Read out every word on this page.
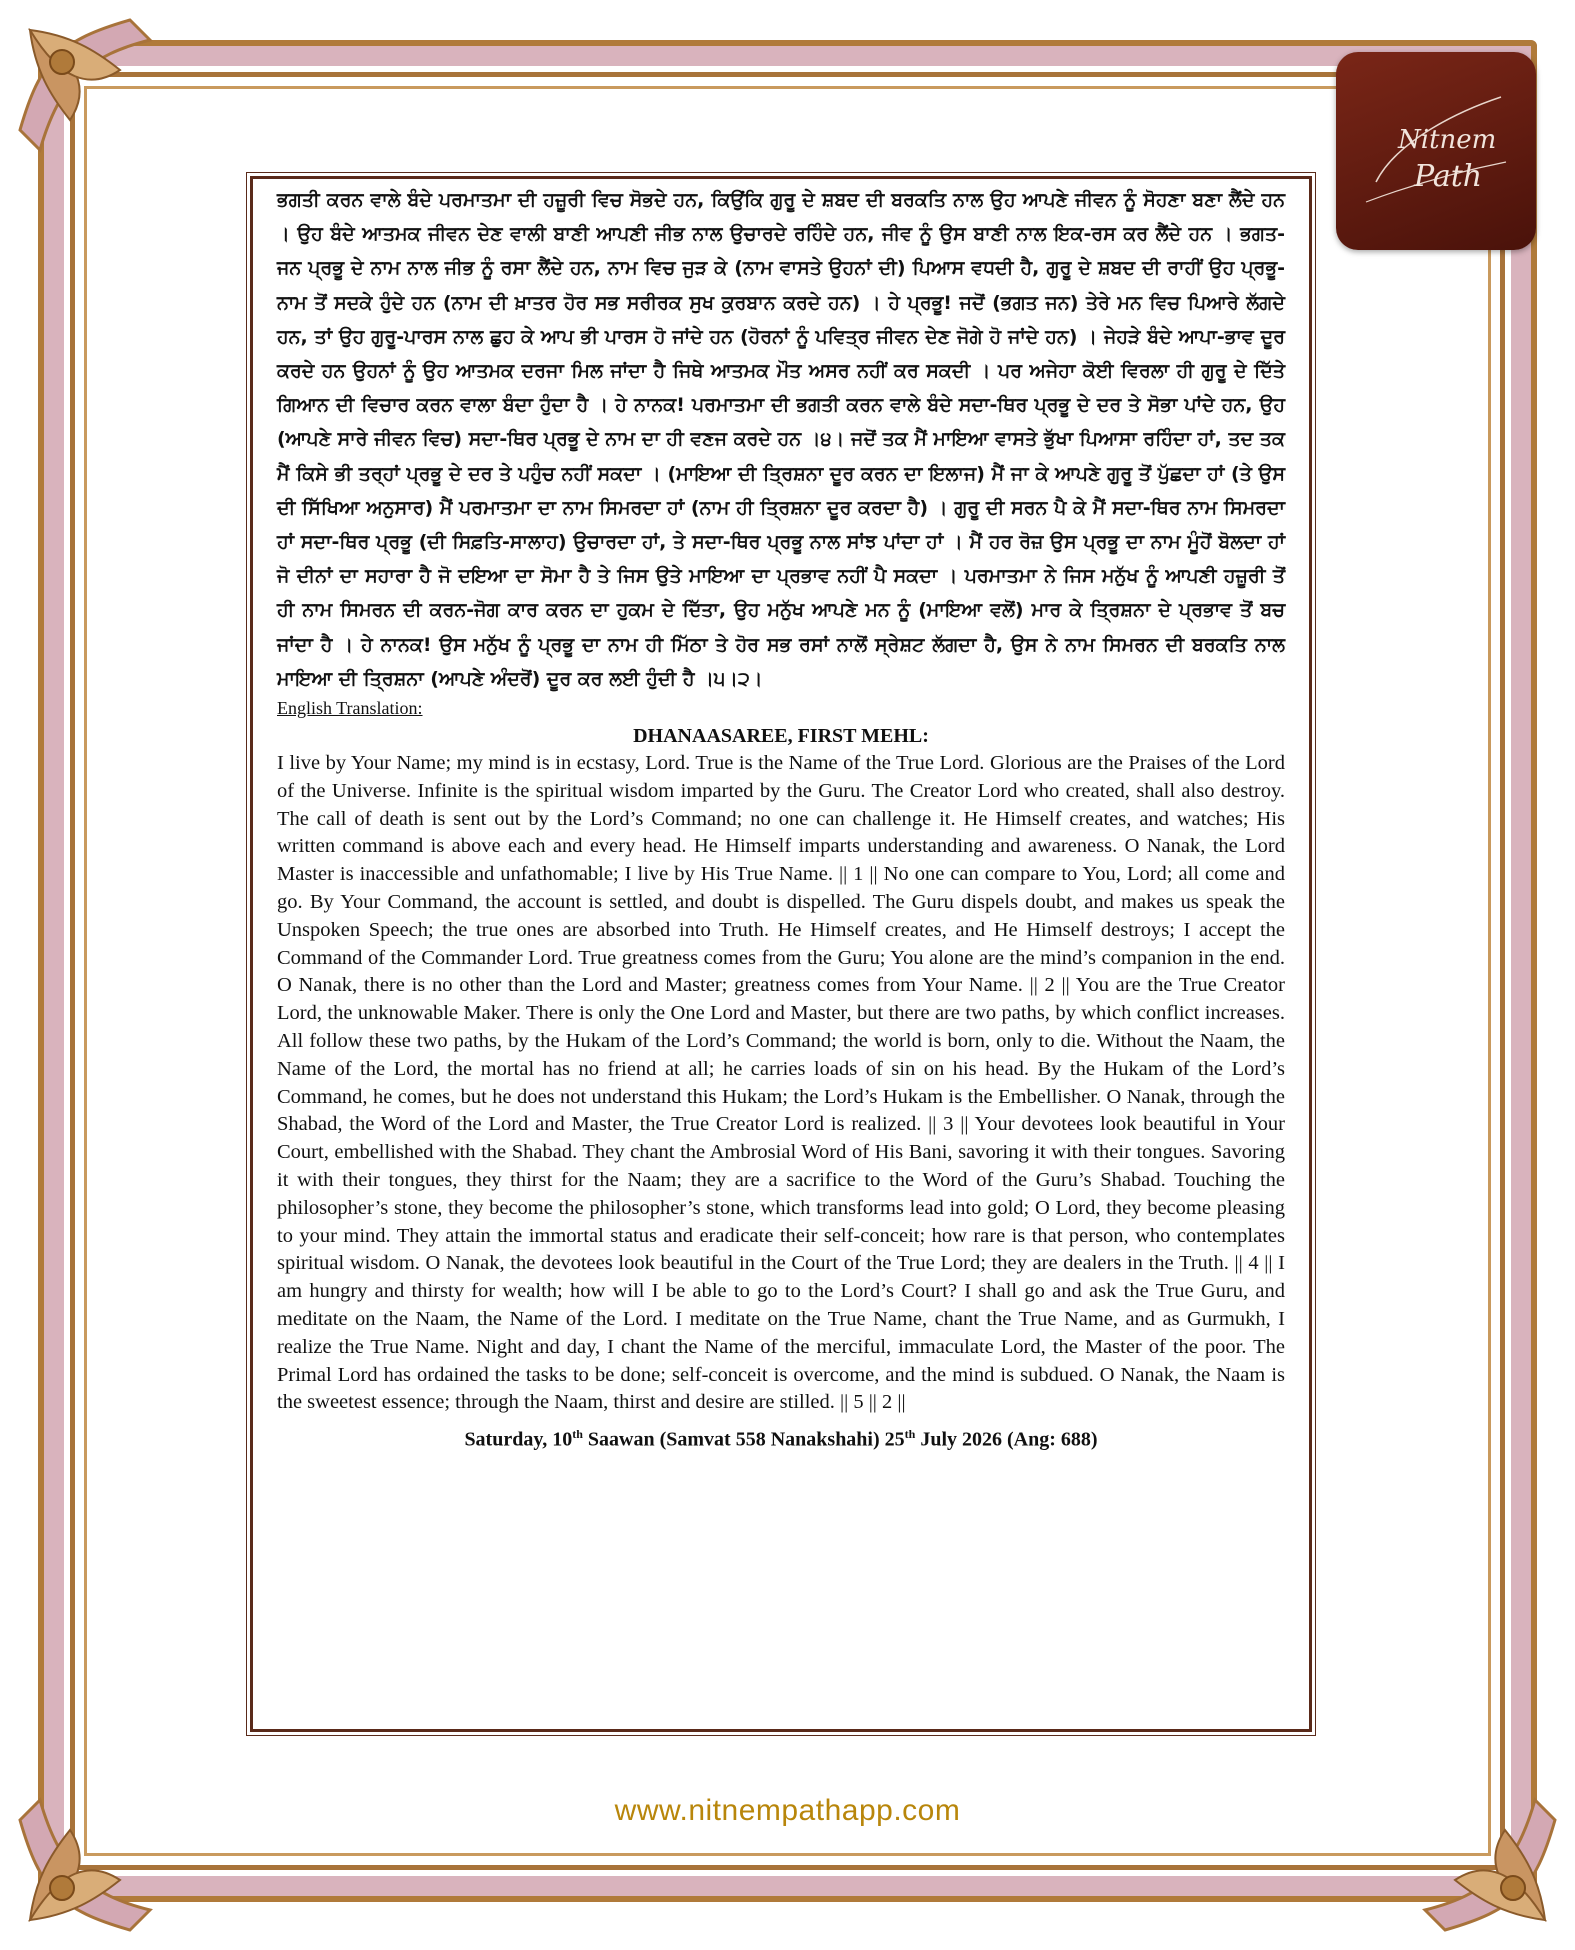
Nitnem
Path

ਭਗਤੀ ਕਰਨ ਵਾਲੇ ਬੰਦੇ ਪਰਮਾਤਮਾ ਦੀ ਹਜ਼ੂਰੀ ਵਿਚ ਸੋਭਦੇ ਹਨ, ਕਿਉਂਕਿ ਗੁਰੂ ਦੇ ਸ਼ਬਦ ਦੀ ਬਰਕਤਿ ਨਾਲ ਉਹ ਆਪਣੇ ਜੀਵਨ ਨੂੰ ਸੋਹਣਾ ਬਣਾ ਲੈਂਦੇ ਹਨ । ਉਹ ਬੰਦੇ ਆਤਮਕ ਜੀਵਨ ਦੇਣ ਵਾਲੀ ਬਾਣੀ ਆਪਣੀ ਜੀਭ ਨਾਲ ਉਚਾਰਦੇ ਰਹਿੰਦੇ ਹਨ, ਜੀਵ ਨੂੰ ਉਸ ਬਾਣੀ ਨਾਲ ਇਕ-ਰਸ ਕਰ ਲੈਂਦੇ ਹਨ । ਭਗਤ-ਜਨ ਪ੍ਰਭੂ ਦੇ ਨਾਮ ਨਾਲ ਜੀਭ ਨੂੰ ਰਸਾ ਲੈਂਦੇ ਹਨ, ਨਾਮ ਵਿਚ ਜੁੜ ਕੇ (ਨਾਮ ਵਾਸਤੇ ਉਹਨਾਂ ਦੀ) ਪਿਆਸ ਵਧਦੀ ਹੈ, ਗੁਰੂ ਦੇ ਸ਼ਬਦ ਦੀ ਰਾਹੀਂ ਉਹ ਪ੍ਰਭੂ-ਨਾਮ ਤੋਂ ਸਦਕੇ ਹੁੰਦੇ ਹਨ (ਨਾਮ ਦੀ ਖ਼ਾਤਰ ਹੋਰ ਸਭ ਸਰੀਰਕ ਸੁਖ ਕੁਰਬਾਨ ਕਰਦੇ ਹਨ) । ਹੇ ਪ੍ਰਭੂ! ਜਦੋਂ (ਭਗਤ ਜਨ) ਤੇਰੇ ਮਨ ਵਿਚ ਪਿਆਰੇ ਲੱਗਦੇ ਹਨ, ਤਾਂ ਉਹ ਗੁਰੂ-ਪਾਰਸ ਨਾਲ ਛੁਹ ਕੇ ਆਪ ਭੀ ਪਾਰਸ ਹੋ ਜਾਂਦੇ ਹਨ (ਹੋਰਨਾਂ ਨੂੰ ਪਵਿਤ੍ਰ ਜੀਵਨ ਦੇਣ ਜੋਗੇ ਹੋ ਜਾਂਦੇ ਹਨ) । ਜੇਹੜੇ ਬੰਦੇ ਆਪਾ-ਭਾਵ ਦੂਰ ਕਰਦੇ ਹਨ ਉਹਨਾਂ ਨੂੰ ਉਹ ਆਤਮਕ ਦਰਜਾ ਮਿਲ ਜਾਂਦਾ ਹੈ ਜਿਥੇ ਆਤਮਕ ਮੌਤ ਅਸਰ ਨਹੀਂ ਕਰ ਸਕਦੀ । ਪਰ ਅਜੇਹਾ ਕੋਈ ਵਿਰਲਾ ਹੀ ਗੁਰੂ ਦੇ ਦਿੱਤੇ ਗਿਆਨ ਦੀ ਵਿਚਾਰ ਕਰਨ ਵਾਲਾ ਬੰਦਾ ਹੁੰਦਾ ਹੈ । ਹੇ ਨਾਨਕ! ਪਰਮਾਤਮਾ ਦੀ ਭਗਤੀ ਕਰਨ ਵਾਲੇ ਬੰਦੇ ਸਦਾ-ਥਿਰ ਪ੍ਰਭੂ ਦੇ ਦਰ ਤੇ ਸੋਭਾ ਪਾਂਦੇ ਹਨ, ਉਹ (ਆਪਣੇ ਸਾਰੇ ਜੀਵਨ ਵਿਚ) ਸਦਾ-ਥਿਰ ਪ੍ਰਭੂ ਦੇ ਨਾਮ ਦਾ ਹੀ ਵਣਜ ਕਰਦੇ ਹਨ ।੪। ਜਦੋਂ ਤਕ ਮੈਂ ਮਾਇਆ ਵਾਸਤੇ ਭੁੱਖਾ ਪਿਆਸਾ ਰਹਿੰਦਾ ਹਾਂ, ਤਦ ਤਕ ਮੈਂ ਕਿਸੇ ਭੀ ਤਰ੍ਹਾਂ ਪ੍ਰਭੂ ਦੇ ਦਰ ਤੇ ਪਹੁੰਚ ਨਹੀਂ ਸਕਦਾ । (ਮਾਇਆ ਦੀ ਤ੍ਰਿਸ਼ਨਾ ਦੂਰ ਕਰਨ ਦਾ ਇਲਾਜ) ਮੈਂ ਜਾ ਕੇ ਆਪਣੇ ਗੁਰੂ ਤੋਂ ਪੁੱਛਦਾ ਹਾਂ (ਤੇ ਉਸ ਦੀ ਸਿੱਖਿਆ ਅਨੁਸਾਰ) ਮੈਂ ਪਰਮਾਤਮਾ ਦਾ ਨਾਮ ਸਿਮਰਦਾ ਹਾਂ (ਨਾਮ ਹੀ ਤ੍ਰਿਸ਼ਨਾ ਦੂਰ ਕਰਦਾ ਹੈ) । ਗੁਰੂ ਦੀ ਸਰਨ ਪੈ ਕੇ ਮੈਂ ਸਦਾ-ਥਿਰ ਨਾਮ ਸਿਮਰਦਾ ਹਾਂ ਸਦਾ-ਥਿਰ ਪ੍ਰਭੂ (ਦੀ ਸਿਫ਼ਤਿ-ਸਾਲਾਹ) ਉਚਾਰਦਾ ਹਾਂ, ਤੇ ਸਦਾ-ਥਿਰ ਪ੍ਰਭੂ ਨਾਲ ਸਾਂਝ ਪਾਂਦਾ ਹਾਂ । ਮੈਂ ਹਰ ਰੋਜ਼ ਉਸ ਪ੍ਰਭੂ ਦਾ ਨਾਮ ਮੂੰਹੋਂ ਬੋਲਦਾ ਹਾਂ ਜੋ ਦੀਨਾਂ ਦਾ ਸਹਾਰਾ ਹੈ ਜੋ ਦਇਆ ਦਾ ਸੋਮਾ ਹੈ ਤੇ ਜਿਸ ਉਤੇ ਮਾਇਆ ਦਾ ਪ੍ਰਭਾਵ ਨਹੀਂ ਪੈ ਸਕਦਾ । ਪਰਮਾਤਮਾ ਨੇ ਜਿਸ ਮਨੁੱਖ ਨੂੰ ਆਪਣੀ ਹਜ਼ੂਰੀ ਤੋਂ ਹੀ ਨਾਮ ਸਿਮਰਨ ਦੀ ਕਰਨ-ਜੋਗ ਕਾਰ ਕਰਨ ਦਾ ਹੁਕਮ ਦੇ ਦਿੱਤਾ, ਉਹ ਮਨੁੱਖ ਆਪਣੇ ਮਨ ਨੂੰ (ਮਾਇਆ ਵਲੋਂ) ਮਾਰ ਕੇ ਤ੍ਰਿਸ਼ਨਾ ਦੇ ਪ੍ਰਭਾਵ ਤੋਂ ਬਚ ਜਾਂਦਾ ਹੈ । ਹੇ ਨਾਨਕ! ਉਸ ਮਨੁੱਖ ਨੂੰ ਪ੍ਰਭੂ ਦਾ ਨਾਮ ਹੀ ਮਿੱਠਾ ਤੇ ਹੋਰ ਸਭ ਰਸਾਂ ਨਾਲੋਂ ਸ੍ਰੇਸ਼ਟ ਲੱਗਦਾ ਹੈ, ਉਸ ਨੇ ਨਾਮ ਸਿਮਰਨ ਦੀ ਬਰਕਤਿ ਨਾਲ ਮਾਇਆ ਦੀ ਤ੍ਰਿਸ਼ਨਾ (ਆਪਣੇ ਅੰਦਰੋਂ) ਦੂਰ ਕਰ ਲਈ ਹੁੰਦੀ ਹੈ ।੫।੨।

English Translation:

DHANAASAREE, FIRST MEHL:

I live by Your Name; my mind is in ecstasy, Lord. True is the Name of the True Lord. Glorious are the Praises of the Lord of the Universe. Infinite is the spiritual wisdom imparted by the Guru. The Creator Lord who created, shall also destroy. The call of death is sent out by the Lord’s Command; no one can challenge it. He Himself creates, and watches; His written command is above each and every head. He Himself imparts understanding and awareness. O Nanak, the Lord Master is inaccessible and unfathomable; I live by His True Name. || 1 || No one can compare to You, Lord; all come and go. By Your Command, the account is settled, and doubt is dispelled. The Guru dispels doubt, and makes us speak the Unspoken Speech; the true ones are absorbed into Truth. He Himself creates, and He Himself destroys; I accept the Command of the Commander Lord. True greatness comes from the Guru; You alone are the mind’s companion in the end. O Nanak, there is no other than the Lord and Master; greatness comes from Your Name. || 2 || You are the True Creator Lord, the unknowable Maker. There is only the One Lord and Master, but there are two paths, by which conflict increases. All follow these two paths, by the Hukam of the Lord’s Command; the world is born, only to die. Without the Naam, the Name of the Lord, the mortal has no friend at all; he carries loads of sin on his head. By the Hukam of the Lord’s Command, he comes, but he does not understand this Hukam; the Lord’s Hukam is the Embellisher. O Nanak, through the Shabad, the Word of the Lord and Master, the True Creator Lord is realized. || 3 || Your devotees look beautiful in Your Court, embellished with the Shabad. They chant the Ambrosial Word of His Bani, savoring it with their tongues. Savoring it with their tongues, they thirst for the Naam; they are a sacrifice to the Word of the Guru’s Shabad. Touching the philosopher’s stone, they become the philosopher’s stone, which transforms lead into gold; O Lord, they become pleasing to your mind. They attain the immortal status and eradicate their self-conceit; how rare is that person, who contemplates spiritual wisdom. O Nanak, the devotees look beautiful in the Court of the True Lord; they are dealers in the Truth. || 4 || I am hungry and thirsty for wealth; how will I be able to go to the Lord’s Court? I shall go and ask the True Guru, and meditate on the Naam, the Name of the Lord. I meditate on the True Name, chant the True Name, and as Gurmukh, I realize the True Name. Night and day, I chant the Name of the merciful, immaculate Lord, the Master of the poor. The Primal Lord has ordained the tasks to be done; self-conceit is overcome, and the mind is subdued. O Nanak, the Naam is the sweetest essence; through the Naam, thirst and desire are stilled. || 5 || 2 ||

Saturday, 10th Saawan (Samvat 558 Nanakshahi) 25th July 2026 (Ang: 688)

www.nitnempathapp.com
